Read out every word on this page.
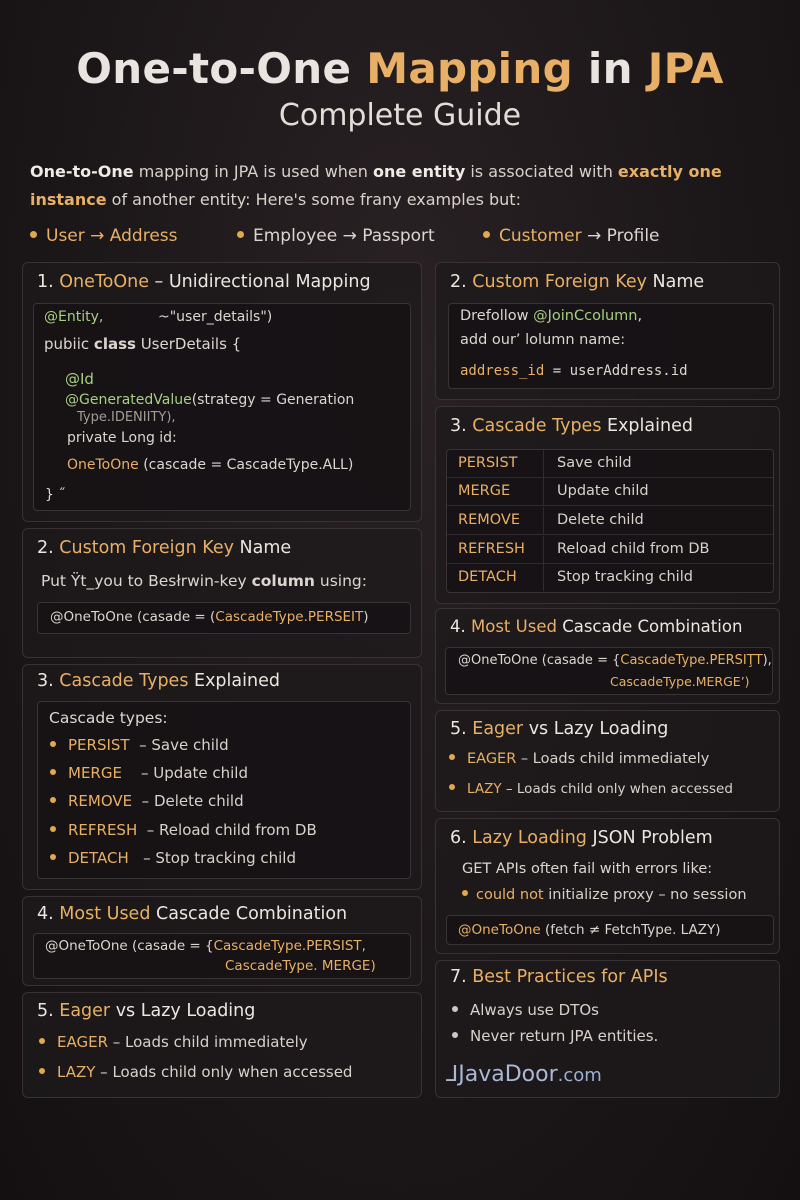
One-to-One Mapping in JPA
Complete Guide
One-to-One mapping in JPA is used when one entity is associated with exactly one instance of another entity: Here's some frany examples but:
User → Address	Employee → Passport	Customer → Profile
1. OneToOne – Unidirectional Mapping
@Entity,	~"user_details")
pubiic class UserDetails {
@Id
@GeneratedValue(strategy = Generation
Type.IDENIITY),
private Long id:
OneToOne (cascade = CascadeType.ALL)
} ˝
2. Custom Foreign Key Name
Put Ÿt_you to Besłrwin-key column using:
@OneToOne (casade = (CascadeType.PERSEIT)
3. Cascade Types Explained
Cascade types:
PERSIST  – Save child
MERGE    – Update child
REMOVE  – Delete child
REFRESH  – Reload child from DB
DETACH   – Stop tracking child
4. Most Used Cascade Combination
@OneToOne (casade = {CascadeType.PERSIST,
CascadeType. MERGE)
5. Eager vs Lazy Loading
EAGER – Loads child immediately
LAZY – Loads child only when accessed
2. Custom Foreign Key Name
Drefollow @JoinCcolumn,
add our’ lolumn name:
address_id = userAddress.id
3. Cascade Types Explained
PERSIST	Save child
MERGE	Update child
REMOVE	Delete child
REFRESH Reload child from DB
DETACH	Stop tracking child
4. Most Used Cascade Combination
@OneToOne (casade = {CascadeType.PERSIŢT),
CascadeType.MERGE’)
5. Eager vs Lazy Loading
EAGER – Loads child immediately
LAZY – Loads child only when accessed
6. Lazy Loading JSON Problem
GET APIs often fail with errors like:
could not initialize proxy – no session
@OneToOne (fetch ≠ FetchType. LAZY)
7. Best Practices for APIs
Always use DTOs
Never return JPA entities.
⅃JavaDoor.com
